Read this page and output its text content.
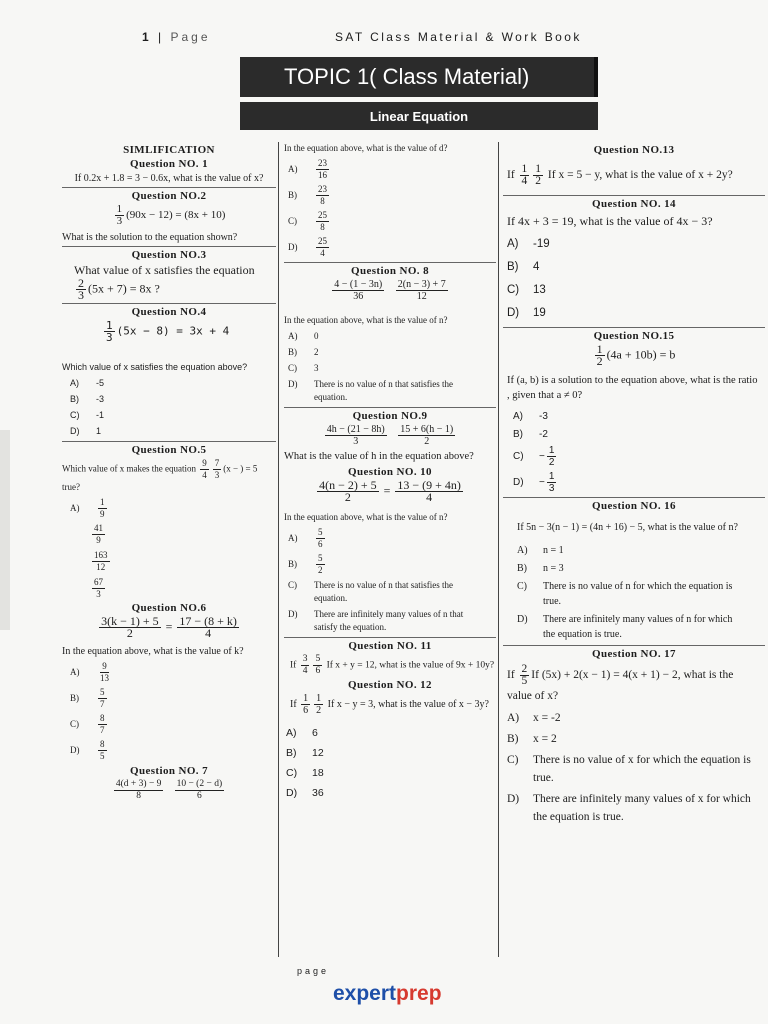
1 | Page	SAT Class Material & Work Book
TOPIC 1( Class Material)
Linear Equation
SIMLIFICATION
Question NO. 1
If 0.2x + 1.8 = 3 − 0.6x, what is the value of x?
Question NO.2
$\frac{1}{3} (90x - 12) = (8x + 10)$
What is the solution to the equation shown?
Question NO.3
What value of x satisfies the equation
$\frac{2}{3} (5x + 7) = 8x$ ?
Question NO.4
$\frac{1}{3} (5x - 8) = 3x + 4$
Which value of x satisfies the equation above?
A)	-5
B)	-3
C)	-1
D)	1
Question NO.5
Which value of x makes the equation $\frac{9}{4} \frac{7}{3} (x$ − ) = 5
true?
A)	$\frac{1}{9}$
$\frac{41}{9}$
$\frac{163}{12}$
$\frac{67}{3}$
Question NO.6
$\frac{3(k - 1) + 5}{2} = \frac{17 - (8 + k)}{4}$
In the equation above, what is the value of k?
A)	$\frac{9}{13}$
B)	$\frac{5}{7}$
C)	$\frac{8}{7}$
D)	$\frac{8}{5}$
Question NO. 7
$\frac{4(d + 3) - 9}{8}$
$\frac{10 - (2 - d)}{6}$
In the equation above, what is the value of d?
A)	$\frac{23}{16}$
B)	$\frac{23}{8}$
C)	$\frac{25}{8}$
D)	$\frac{25}{4}$
Question NO. 8
$\frac{4 - (1 - 3n)}{36}$
$\frac{2(n - 3) + 7}{12}$
In the equation above, what is the value of n?
A)	0
B)	2
C)	3
D)	There is no value of n that satisfies the equation.
Question NO.9
$\frac{4h - (21 - 8h)}{3}$
$\frac{15 + 6(h - 1)}{2}$
What is the value of h in the equation above?
Question NO. 10
$\frac{4(n - 2) + 5}{2} = \frac{13 - (9 + 4n)}{4}$
In the equation above, what is the value of n?
A)	$\frac{5}{6}$
B)	$\frac{5}{2}$
C)	There is no value of n that satisfies the equation.
D)	There are infinitely many values of n that satisfy the equation.
Question NO. 11
If $\frac{3}{4} \frac{5}{6}$ If x + y = 12, what is the value of 9x + 10y?
Question NO. 12
If $\frac{1}{6} \frac{1}{2}$ If x − y = 3, what is the value of x − 3y?
A)	6
B)	12
C)	18
D)	36
Question NO.13
If $\frac{1}{4} \frac{1}{2}$ If x = 5 − y, what is the value of x + 2y?
Question NO. 14
If 4x + 3 = 19, what is the value of 4x − 3?
A)	-19
B)	4
C)	13
D)	19
Question NO.15
$\frac{1}{2} (4a + 10b) = b$
If (a, b) is a solution to the equation above, what is the ratio , given that a ≠ 0?
A)	-3
B)	-2
C)	− $\frac{1}{2}$
D)	− $\frac{1}{3}$
Question NO. 16
If 5n − 3(n − 1) = (4n + 16) − 5, what is the value of n?
A)	n = 1
B)	n = 3
C)	There is no value of n for which the equation is true.
D)	There are infinitely many values of n for which the equation is true.
Question NO. 17
If $\frac{2}{5}$ If (5x) + 2(x − 1) = 4(x + 1) − 2, what is the value of x?
A)	x = -2
B)	x = 2
C)	There is no value of x for which the equation is true.
D)	There are infinitely many values of x for which the equation is true.
page
expertprep
